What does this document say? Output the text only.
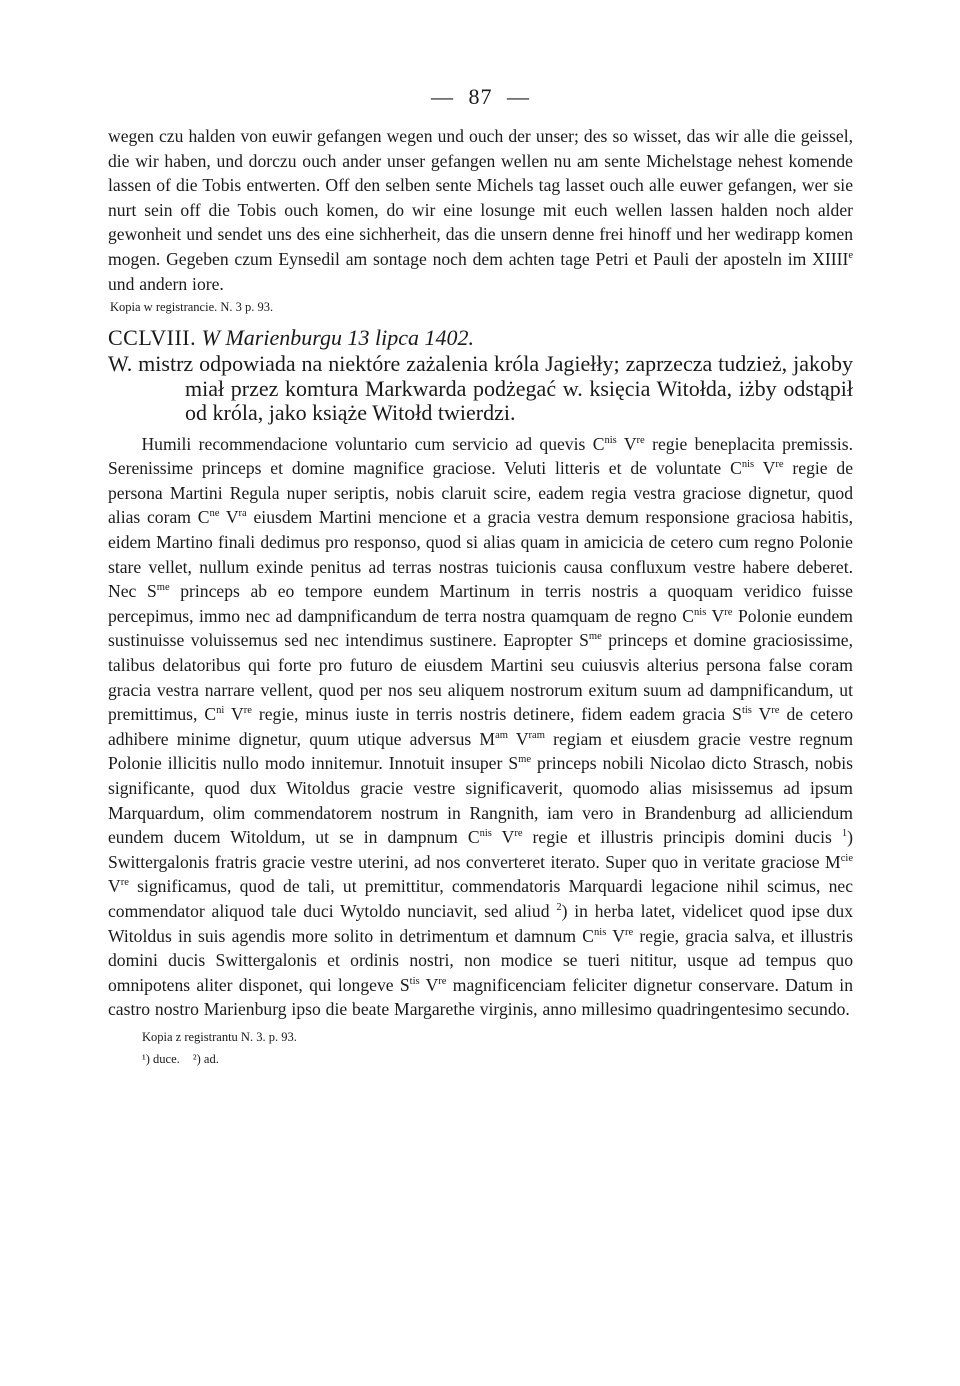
— 87 —

wegen czu halden von euwir gefangen wegen und ouch der unser; des so wisset, das wir alle die geissel, die wir haben, und dorczu ouch ander unser gefangen wellen nu am sente Michelstage nehest komende lassen of die Tobis entwerten. Off den selben sente Michels tag lasset ouch alle euwer gefangen, wer sie nurt sein off die Tobis ouch komen, do wir eine losunge mit euch wellen lassen halden noch alder gewonheit und sendet uns des eine sichherheit, das die unsern denne frei hinoff und her wedirapp komen mogen. Gegeben czum Eynsedil am sontage noch dem achten tage Petri et Pauli der aposteln im XIIIIe und andern iore.

Kopia w registrancie. N. 3 p. 93.

CCLVIII. W Marienburgu 13 lipca 1402.

W. mistrz odpowiada na niektóre zażalenia króla Jagiełły; zaprzecza tudzież, jakoby miał przez komtura Markwarda podżegać w. księcia Witołda, iżby odstąpił od króla, jako książe Witołd twierdzi.

Humili recommendacione voluntario cum servicio ad quevis $C^{nis}$ Vre regie beneplacita premissis. Serenissime princeps et domine magnifice graciose. Veluti litteris et de voluntate $C^{nis}$ Vre regie de persona Martini Regula nuper seriptis, nobis claruit scire, eadem regia vestra graciose dignetur, quod alias coram $C^{ne}$ $V^{ra}$ eiusdem Martini mencione et a gracia vestra demum responsione graciosa habitis, eidem Martino finali dedimus pro responso, quod si alias quam in amicicia de cetero cum regno Polonie stare vellet, nullum exinde penitus ad terras nostras tuicionis causa confluxum vestre habere deberet. Nec $S^{me}$ princeps ab eo tempore eundem Martinum in terris nostris a quoquam veridico fuisse percepimus, immo nec ad dampnificandum de terra nostra quamquam de regno $C^{nis}$ Vre Polonie eundem sustinuisse voluissemus sed nec intendimus sustinere. Eapropter $S^{me}$ princeps et domine graciosissime, talibus delatoribus qui forte pro futuro de eiusdem Martini seu cuiusvis alterius persona false coram gracia vestra narrare vellent, quod per nos seu aliquem nostrorum exitum suum ad dampnificandum, ut premittimus, $C^{ni}$ Vre regie, minus iuste in terris nostris detinere, fidem eadem gracia $S^{tis}$ Vre de cetero adhibere minime dignetur, quum utique adversus $M^{am}$ $V^{ram}$ regiam et eiusdem gracie vestre regnum Polonie illicitis nullo modo innitemur. Innotuit insuper $S^{me}$ princeps nobili Nicolao dicto Strasch, nobis significante, quod dux Witoldus gracie vestre significaverit, quomodo alias misissemus ad ipsum Marquardum, olim commendatorem nostrum in Rangnith, iam vero in Brandenburg ad alliciendum eundem ducem Witoldum, ut se in dampnum $C^{nis}$ Vre regie et illustris principis domini ducis $^1$) Swittergalonis fratris gracie vestre uterini, ad nos converteret iterato. Super quo in veritate graciose $M^{cie}$ Vre significamus, quod de tali, ut premittitur, commendatoris Marquardi legacione nihil scimus, nec commendator aliquod tale duci Wytoldo nunciavit, sed aliud $^2$) in herba latet, videlicet quod ipse dux Witoldus in suis agendis more solito in detrimentum et damnum $C^{nis}$ Vre regie, gracia salva, et illustris domini ducis Swittergalonis et ordinis nostri, non modice se tueri nititur, usque ad tempus quo omnipotens aliter disponet, qui longeve $S^{tis}$ Vre magnificenciam feliciter dignetur conservare. Datum in castro nostro Marienburg ipso die beate Margarethe virginis, anno millesimo quadringentesimo secundo.

Kopia z registrantu N. 3. p. 93.

¹) duce. ²) ad.
